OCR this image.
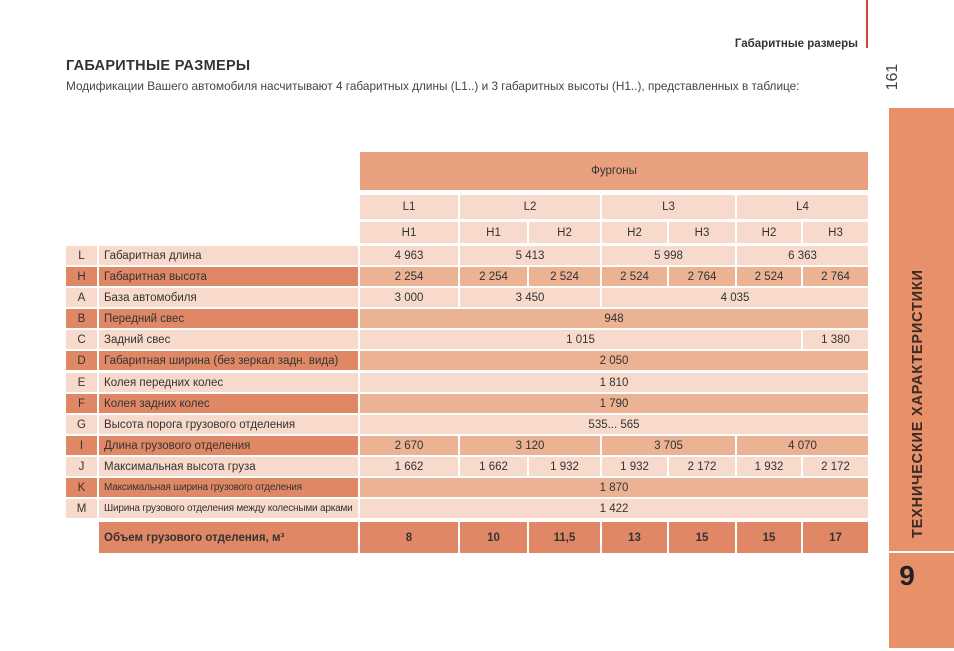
Габаритные размеры
161
ТЕХНИЧЕСКИЕ ХАРАКТЕРИСТИКИ
9
ГАБАРИТНЫЕ РАЗМЕРЫ
Модификации Вашего автомобиля насчитывают 4 габаритных длины (L1..) и 3 габаритных высоты (H1..), представленных в таблице:
Фургоны
L1	L2	L3	L4
H1	H1	H2	H2	H3	H2	H3
L	Габаритная длина	4 963	5 413	5 998	6 363
H	Габаритная высота	2 254	2 254	2 524	2 524	2 764	2 524	2 764
A	База автомобиля	3 000	3 450	4 035
B	Передний свес	948
C	Задний свес	1 015	1 380
D	Габаритная ширина (без зеркал задн. вида)	2 050
E	Колея передних колес	1 810
F	Колея задних колес	1 790
G	Высота порога грузового отделения	535... 565
I	Длина грузового отделения	2 670	3 120	3 705	4 070
J	Максимальная высота груза	1 662	1 662	1 932	1 932	2 172	1 932	2 172
K	Максимальная ширина грузового отделения	1 870
M	Ширина грузового отделения между колесными арками	1 422
Объем грузового отделения, м³	8	10	11,5	13	15	15	17
